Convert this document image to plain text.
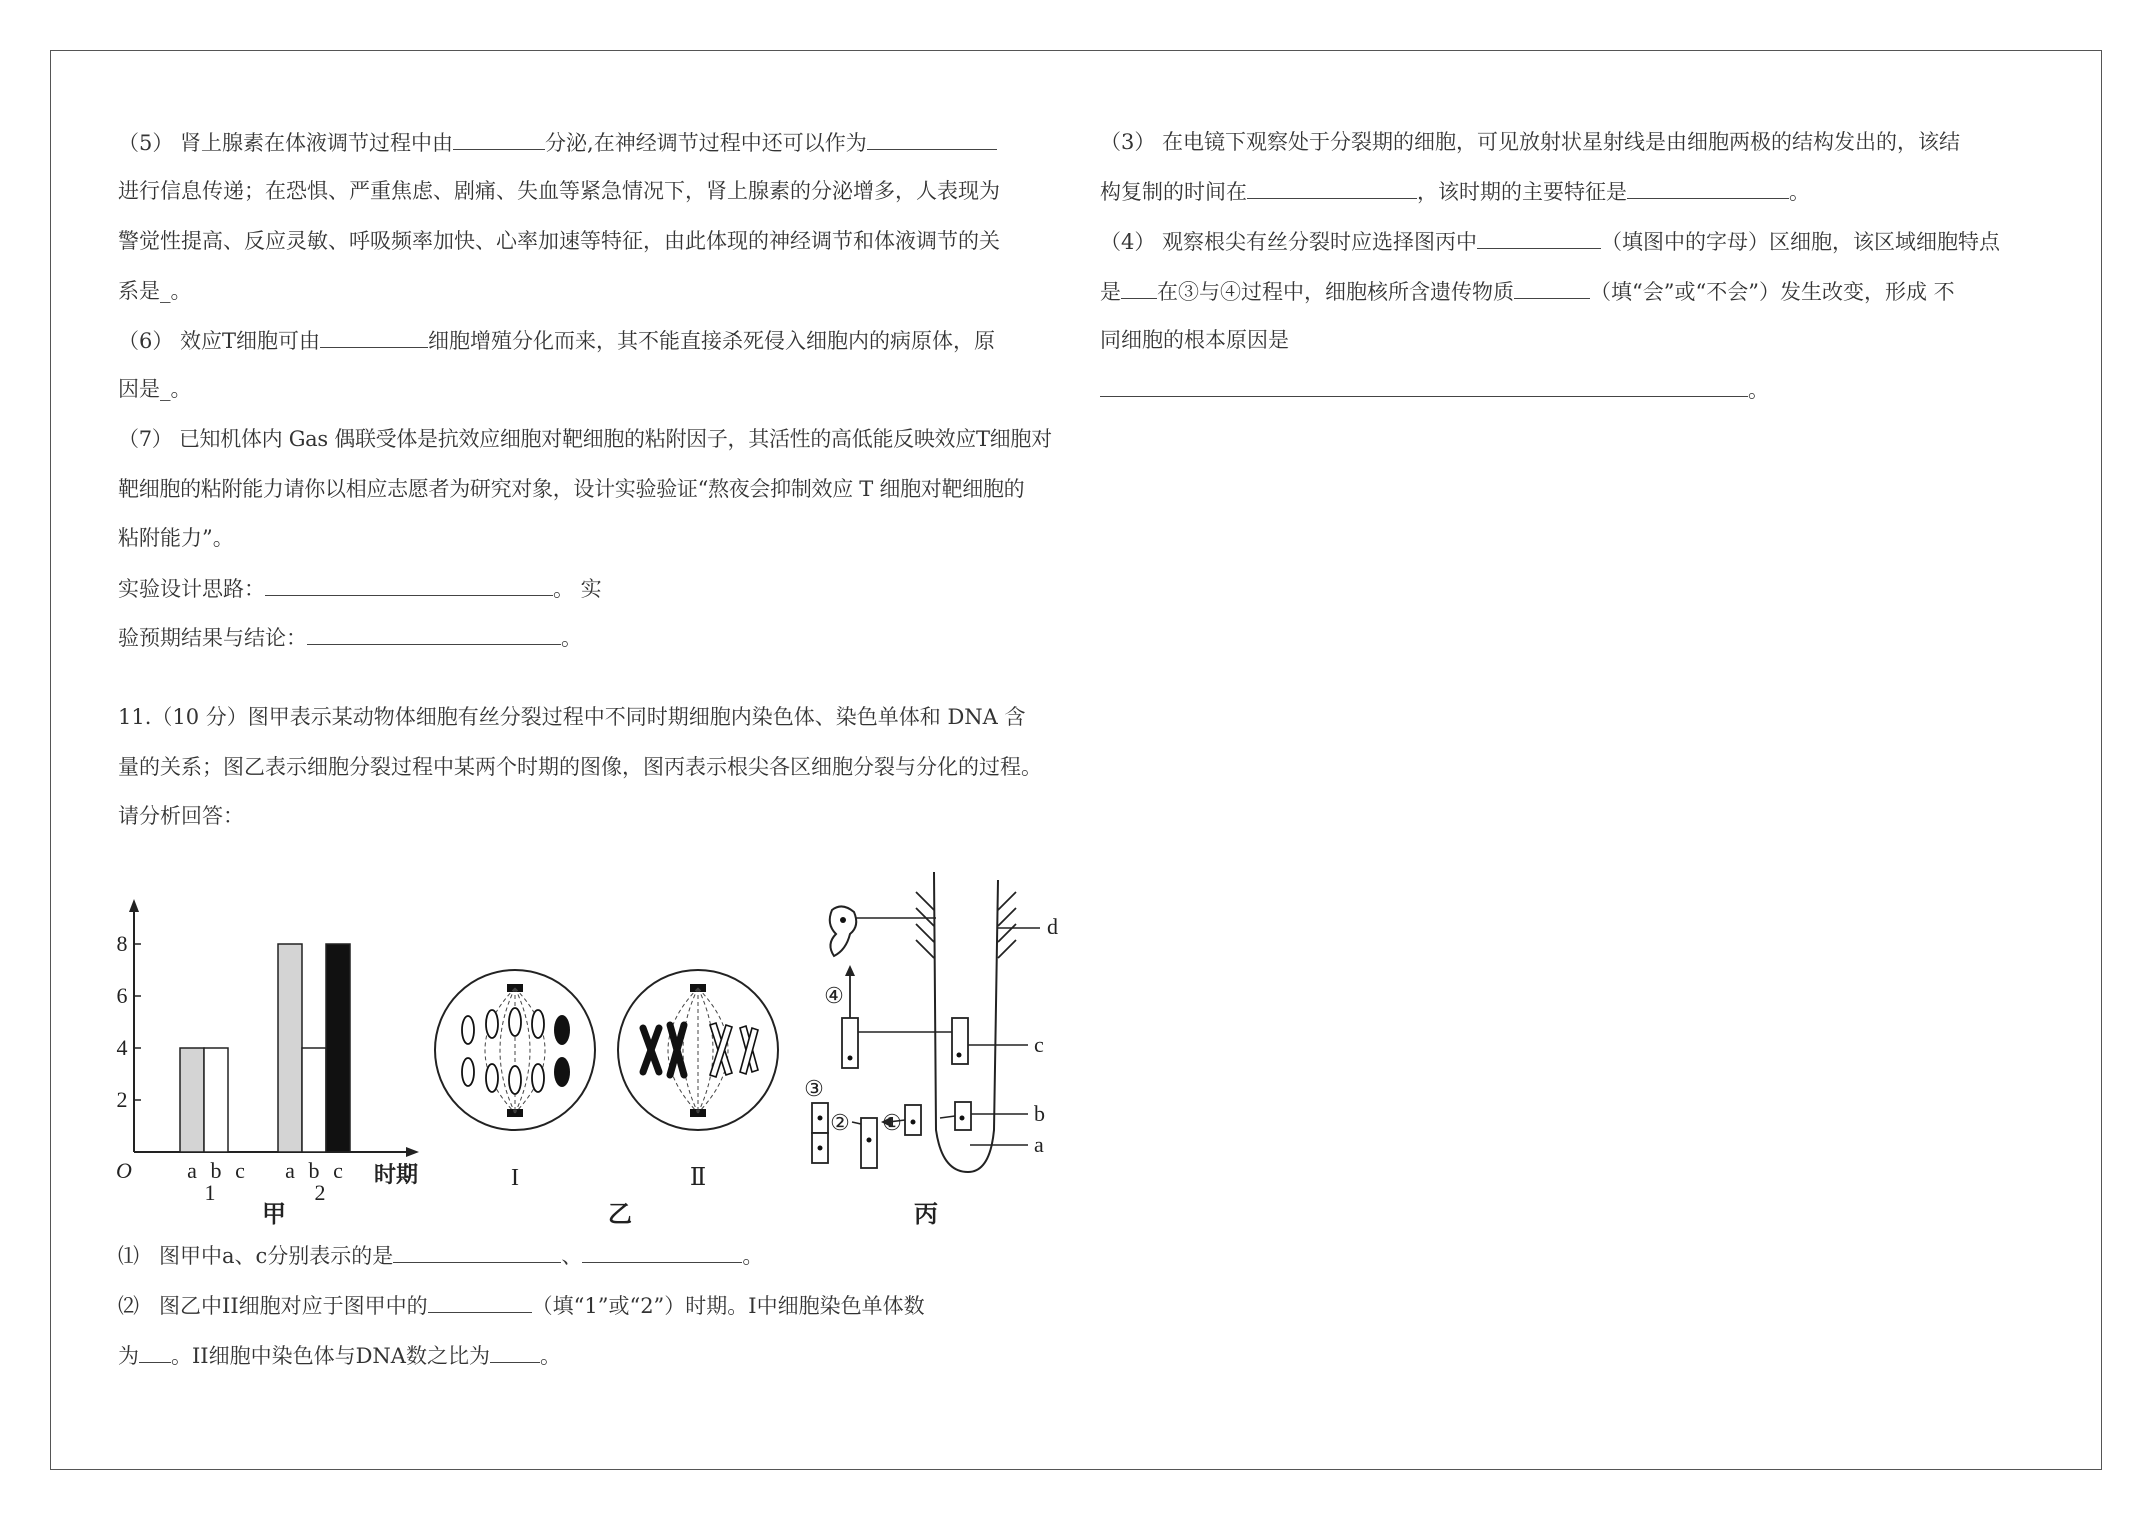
（5） 肾上腺素在体液调节过程中由	分泌,在神经调节过程中还可以作为
进行信息传递；在恐惧、严重焦虑、剧痛、失血等紧急情况下，肾上腺素的分泌增多，人表现为
警觉性提高、反应灵敏、呼吸频率加快、心率加速等特征，由此体现的神经调节和体液调节的关
系是_。
（6） 效应T细胞可由	细胞增殖分化而来，其不能直接杀死侵入细胞内的病原体，原
因是_。
（7） 已知机体内 Gas 偶联受体是抗效应细胞对靶细胞的粘附因子，其活性的高低能反映效应T细胞对
靶细胞的粘附能力请你以相应志愿者为研究对象，设计实验验证“熬夜会抑制效应 T 细胞对靶细胞的
粘附能力”。
实验设计思路：	。 实
验预期结果与结论：	。
11.（10 分）图甲表示某动物体细胞有丝分裂过程中不同时期细胞内染色体、染色单体和 DNA 含
量的关系；图乙表示细胞分裂过程中某两个时期的图像，图丙表示根尖各区细胞分裂与分化的过程。
请分析回答：
⑴ 图甲中a、c分别表示的是	、	。
⑵ 图乙中II细胞对应于图甲中的	（填“1”或“2”）时期。I中细胞染色单体数
为 。II细胞中染色体与DNA数之比为 。
（3） 在电镜下观察处于分裂期的细胞，可见放射状星射线是由细胞两极的结构发出的，该结
构复制的时间在	，该时期的主要特征是	。
（4） 观察根尖有丝分裂时应选择图丙中	（填图中的字母）区细胞，该区域细胞特点
是 在③与④过程中，细胞核所含遗传物质	（填“会”或“不会”）发生改变，形成 不
同细胞的根本原因是
。
2
4
6
8
a b c a b c
O
1	2
时期
甲
I	Ⅱ
乙
④
③
② ①
d
c
b
a
丙
